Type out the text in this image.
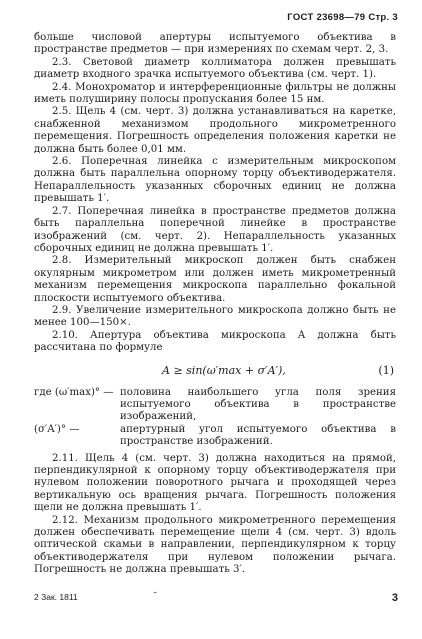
ГОСТ 23698—79 Стр. 3

больше числовой апертуры испытуемого объектива в пространстве предметов — при измерениях по схемам черт. 2, 3.

2.3. Световой диаметр коллиматора должен превышать диаметр входного зрачка испытуемого объектива (см. черт. 1).

2.4. Монохроматор и интерференционные фильтры не должны иметь полуширину полосы пропускания более 15 нм.

2.5. Щель 4 (см. черт. 3) должна устанавливаться на каретке, снабженной механизмом продольного микрометренного перемещения. Погрешность определения положения каретки не должна быть более 0,01 мм.

2.6. Поперечная линейка с измерительным микроскопом должна быть параллельна опорному торцу объективодержателя. Непараллельность указанных сборочных единиц не должна превышать 1′.

2.7. Поперечная линейка в пространстве предметов должна быть параллельна поперечной линейке в пространстве изображений (см. черт. 2). Непараллельность указанных сборочных единиц не должна превышать 1′.

2.8. Измерительный микроскоп должен быть снабжен окулярным микрометром или должен иметь микрометренный механизм перемещения микроскопа параллельно фокальной плоскости испытуемого объектива.

2.9. Увеличение измерительного микроскопа должно быть не менее 100—150×.

2.10. Апертура объектива микроскопа A должна быть рассчитана по формуле

A ≥ sin(ω′max + σ′A′),	(1)
где (ω′max)° — половина наибольшего угла поля зрения испытуемого объектива в пространстве изображений,
(σ′A′)° —	апертурный угол испытуемого объектива в пространстве изображений.

2.11. Щель 4 (см. черт. 3) должна находиться на прямой, перпендикулярной к опорному торцу объективодержателя при нулевом положении поворотного рычага и проходящей через вертикальную ось вращения рычага. Погрешность положения щели не должна превышать 1′.

2.12. Механизм продольного микрометренного перемещения должен обеспечивать перемещение щели 4 (см. черт. 3) вдоль оптической скамьи в направлении, перпендикулярном к торцу объективодержателя при нулевом положении рычага. Погрешность не должна превышать 3′.

2 Зак. 1811	˘	3
